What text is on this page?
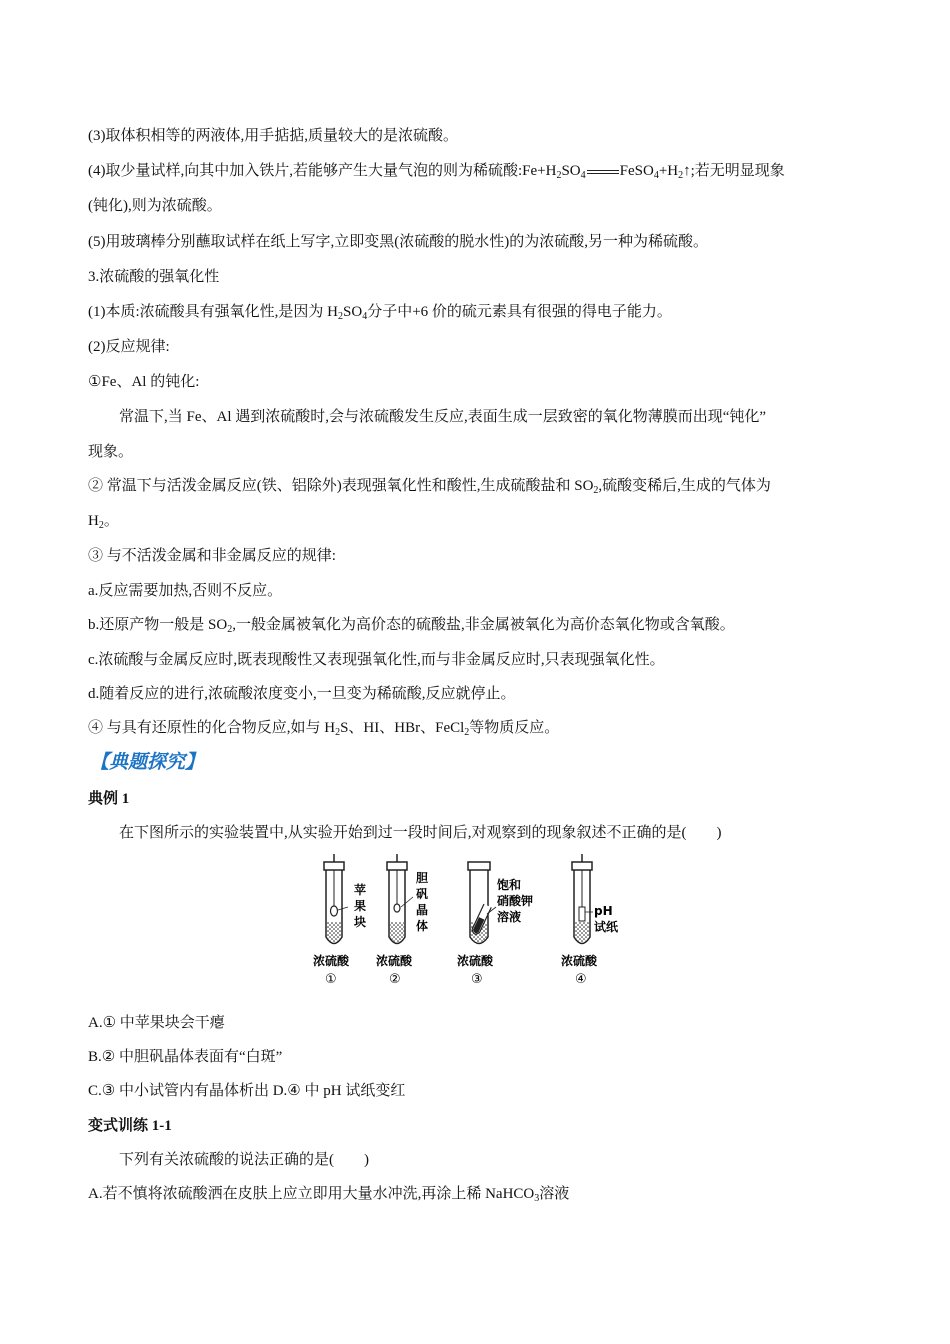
(3)取体积相等的两液体,用手掂掂,质量较大的是浓硫酸。
(4)取少量试样,向其中加入铁片,若能够产生大量气泡的则为稀硫酸$:Fe+H_2SO_4$ $FeSO_4+H_2↑$;若无明显现象
(钝化),则为浓硫酸。
(5)用玻璃棒分别蘸取试样在纸上写字,立即变黑(浓硫酸的脱水性)的为浓硫酸,另一种为稀硫酸。
3.浓硫酸的强氧化性
(1)本质:浓硫酸具有强氧化性,是因为 $H_2SO_4$分子中+6 价的硫元素具有很强的得电子能力。
(2)反应规律:
①Fe、Al 的钝化:
常温下,当 Fe、Al 遇到浓硫酸时,会与浓硫酸发生反应,表面生成一层致密的氧化物薄膜而出现“钝化”
现象。
② 常温下与活泼金属反应(铁、铝除外)表现强氧化性和酸性,生成硫酸盐和 $SO_2$,硫酸变稀后,生成的气体为
$H_2$。
③ 与不活泼金属和非金属反应的规律:
a.反应需要加热,否则不反应。
b.还原产物一般是 $SO_2$,一般金属被氧化为高价态的硫酸盐,非金属被氧化为高价态氧化物或含氧酸。
c.浓硫酸与金属反应时,既表现酸性又表现强氧化性,而与非金属反应时,只表现强氧化性。
d.随着反应的进行,浓硫酸浓度变小,一旦变为稀硫酸,反应就停止。
④ 与具有还原性的化合物反应,如与 $H_2S$、HI、HBr、FeCl$_2$等物质反应。
【典题探究】
典例 1
在下图所示的实验装置中,从实验开始到过一段时间后,对观察到的现象叙述不正确的是(　　)
苹
果
块
浓硫酸
①
胆
矾
晶
体
浓硫酸
②
饱和
硝酸钾
溶液
浓硫酸
③
pH
试纸
浓硫酸
④
A.① 中苹果块会干瘪
B.② 中胆矾晶体表面有“白斑”
C.③ 中小试管内有晶体析出 D.④ 中 pH 试纸变红
变式训练 1-1
下列有关浓硫酸的说法正确的是(　　)
A.若不慎将浓硫酸洒在皮肤上应立即用大量水冲洗,再涂上稀 NaHCO$_3$溶液
